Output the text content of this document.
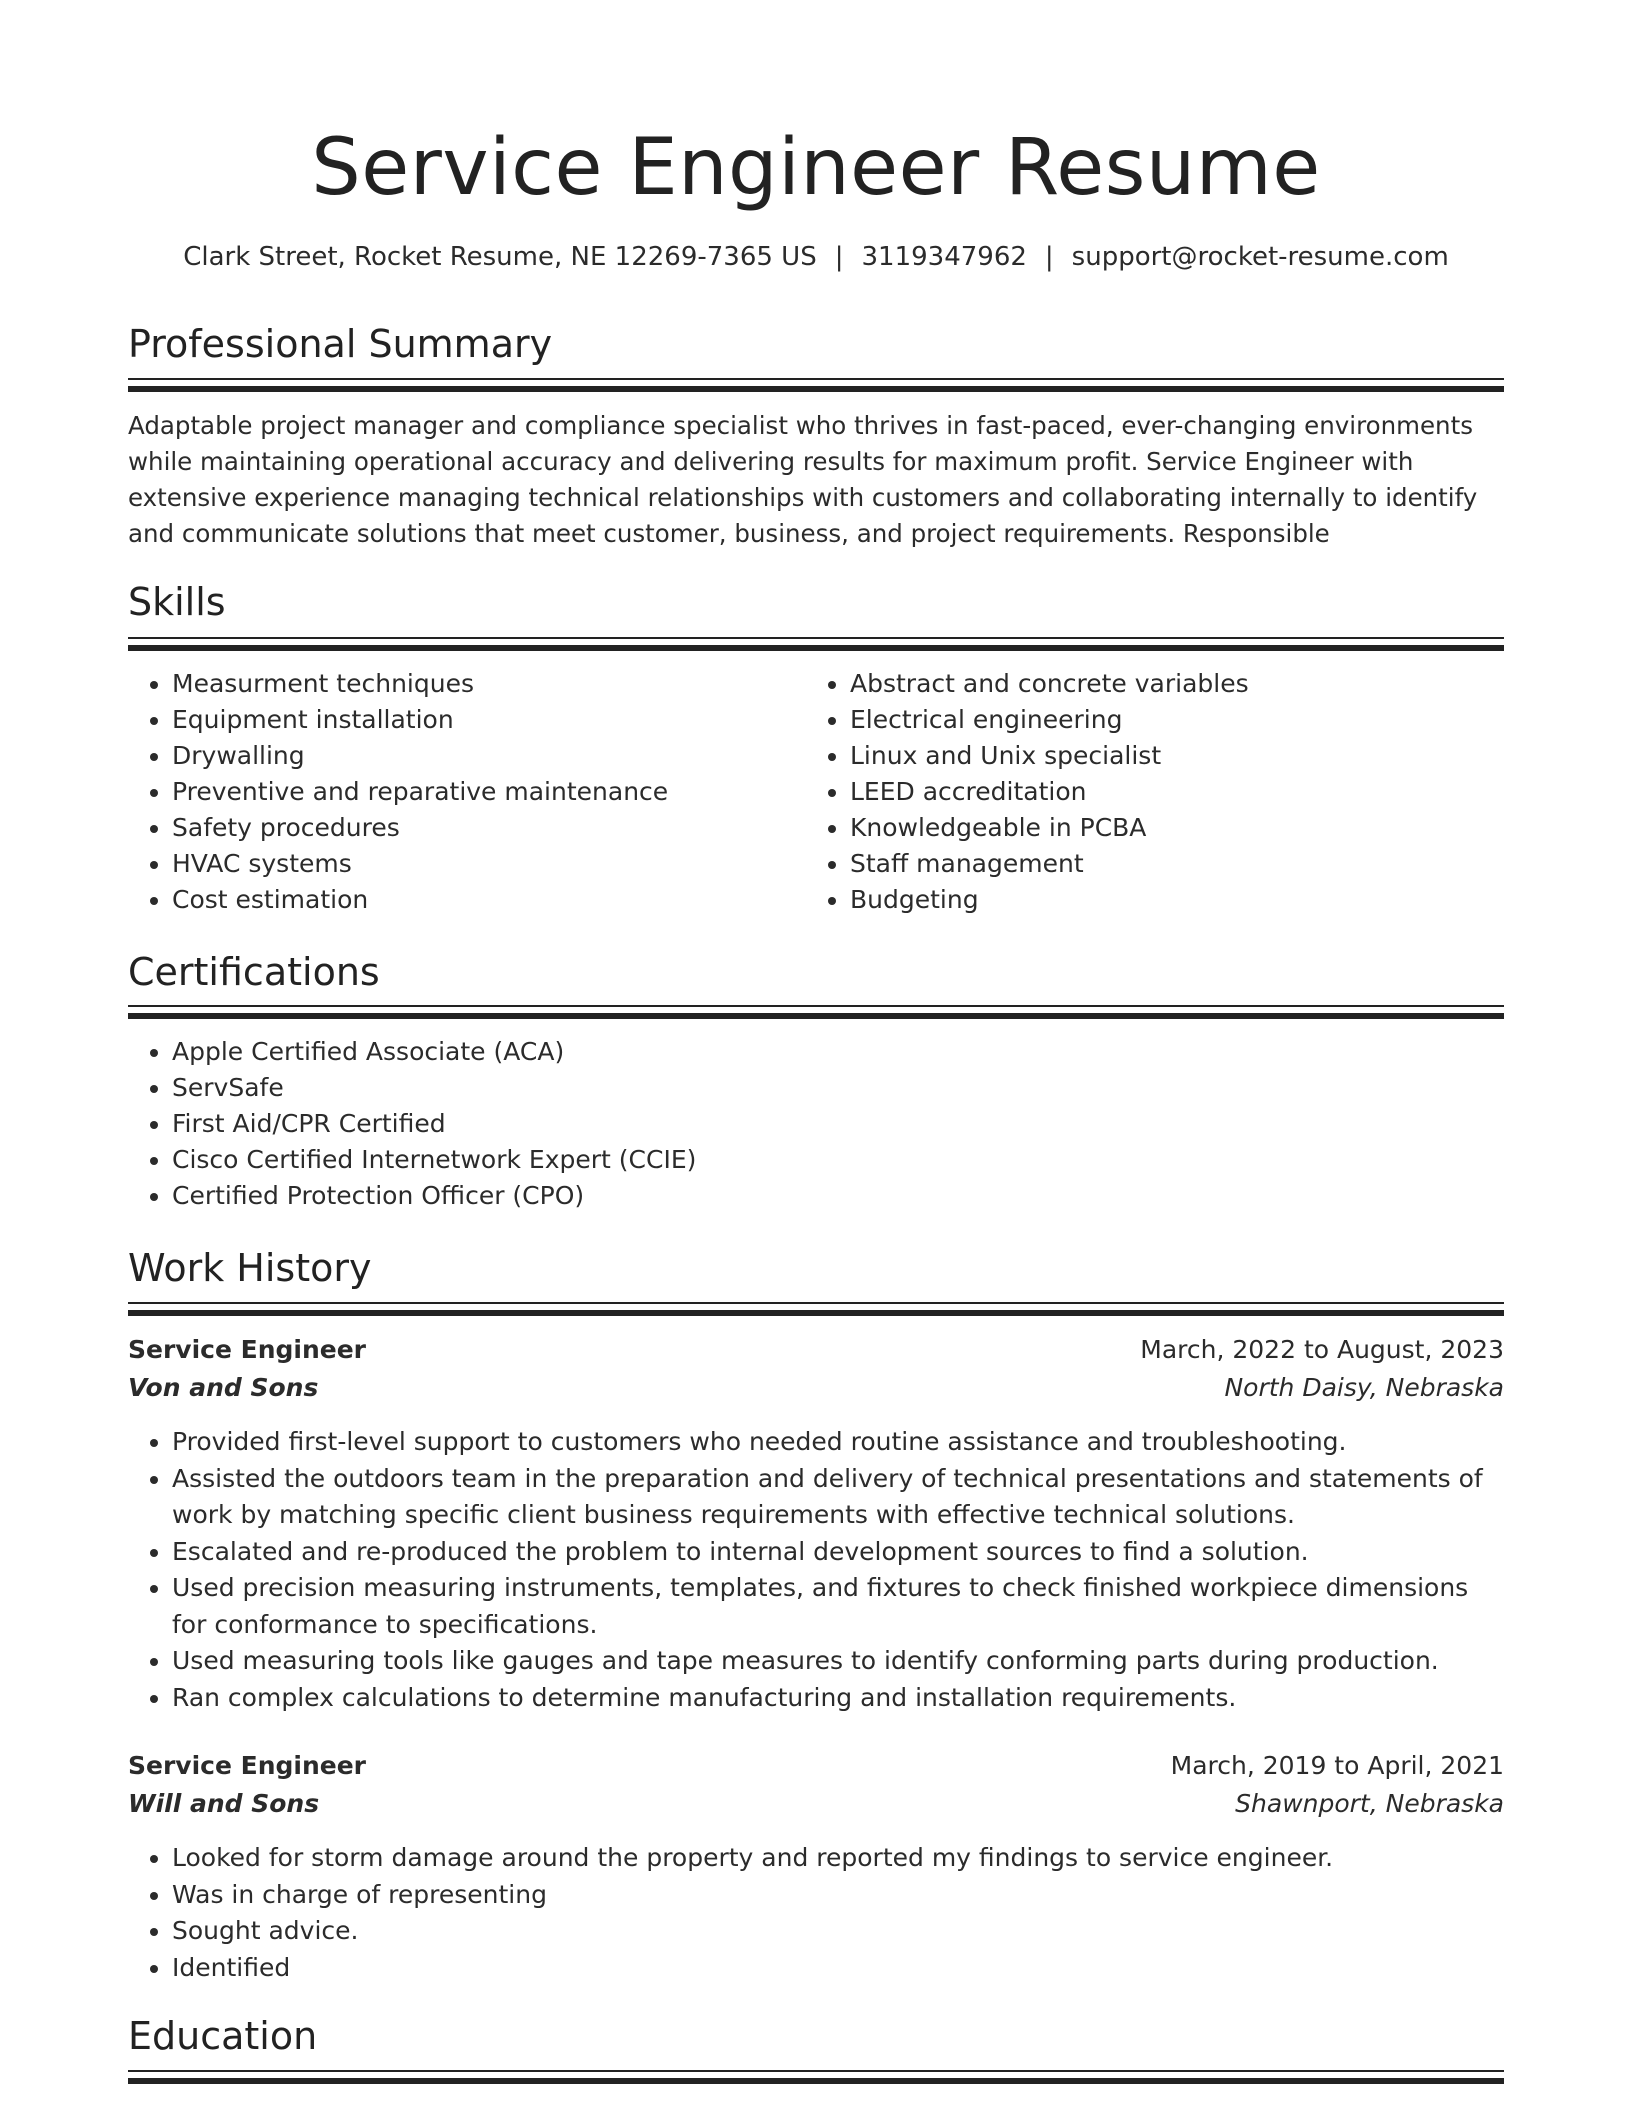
Service Engineer Resume
Clark Street, Rocket Resume, NE 12269-7365 US | 3119347962 | support@rocket-resume.com
Professional Summary

Adaptable project manager and compliance specialist who thrives in fast-paced, ever-changing environments while maintaining operational accuracy and delivering results for maximum profit. Service Engineer with extensive experience managing technical relationships with customers and collaborating internally to identify and communicate solutions that meet customer, business, and project requirements. Responsible

Skills
• Measurment techniques
• Equipment installation
• Drywalling
• Preventive and reparative maintenance
• Safety procedures
• HVAC systems
• Cost estimation
• Abstract and concrete variables
• Electrical engineering
• Linux and Unix specialist
• LEED accreditation
• Knowledgeable in PCBA
• Staff management
• Budgeting
Certifications
• Apple Certified Associate (ACA)
• ServSafe
• First Aid/CPR Certified
• Cisco Certified Internetwork Expert (CCIE)
• Certified Protection Officer (CPO)
Work History
Service Engineer	March, 2022 to August, 2023
Von and Sons	North Daisy, Nebraska
• Provided first-level support to customers who needed routine assistance and troubleshooting.
• Assisted the outdoors team in the preparation and delivery of technical presentations and statements of work by matching specific client business requirements with effective technical solutions.
• Escalated and re-produced the problem to internal development sources to find a solution.
• Used precision measuring instruments, templates, and fixtures to check finished workpiece dimensions for conformance to specifications.
• Used measuring tools like gauges and tape measures to identify conforming parts during production.
• Ran complex calculations to determine manufacturing and installation requirements.
Service Engineer	March, 2019 to April, 2021
Will and Sons	Shawnport, Nebraska
• Looked for storm damage around the property and reported my findings to service engineer.
• Was in charge of representing
• Sought advice.
• Identified
Education
